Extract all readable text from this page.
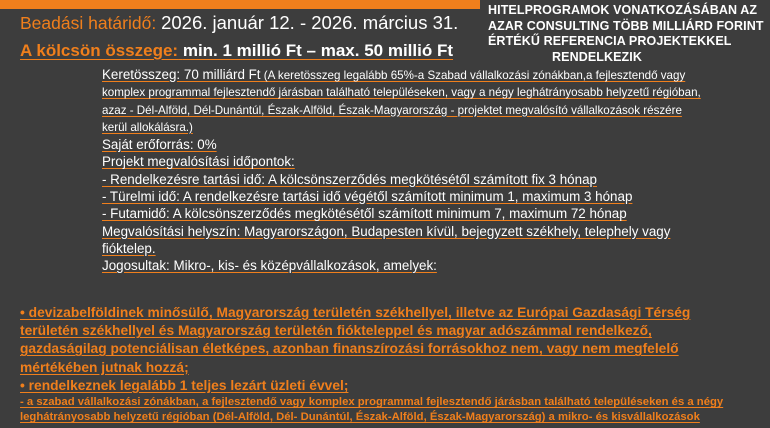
Beadási határidő: 2026. január 12. - 2026. március 31.
A kölcsön összege: min. 1 millió Ft – max. 50 millió Ft
HITELPROGRAMOK VONATKOZÁSÁBAN AZ
AZAR CONSULTING TÖBB MILLIÁRD FORINT
ÉRTÉKŰ REFERENCIA PROJEKTEKKEL
RENDELKEZIK
Keretösszeg: 70 milliárd Ft (A keretösszeg legalább 65%-a Szabad vállalkozási zónákban,a fejlesztendő vagy
komplex programmal fejlesztendő járásban található településeken, vagy a négy leghátrányosabb helyzetű régióban,
azaz - Dél-Alföld, Dél-Dunántúl, Észak-Alföld, Észak-Magyarország - projektet megvalósító vállalkozások részére
kerül allokálásra.)
Saját erőforrás: 0%
Projekt megvalósítási időpontok:
- Rendelkezésre tartási idő: A kölcsönszerződés megkötésétől számított fix 3 hónap
- Türelmi idő: A rendelkezésre tartási idő végétől számított minimum 1, maximum 3 hónap
- Futamidő: A kölcsönszerződés megkötésétől számított minimum 7, maximum 72 hónap
Megvalósítási helyszín: Magyarországon, Budapesten kívül, bejegyzett székhely, telephely vagy
fióktelep.
Jogosultak: Mikro-, kis- és középvállalkozások, amelyek:
• devizabelföldinek minősülő, Magyarország területén székhellyel, illetve az Európai Gazdasági Térség
területén székhellyel és Magyarország területén fiókteleppel és magyar adószámmal rendelkező,
gazdaságilag potenciálisan életképes, azonban finanszírozási forrásokhoz nem, vagy nem megfelelő
mértékében jutnak hozzá;
• rendelkeznek legalább 1 teljes lezárt üzleti évvel;
- a szabad vállalkozási zónákban, a fejlesztendő vagy komplex programmal fejlesztendő járásban található településeken és a négy
leghátrányosabb helyzetű régióban (Dél-Alföld, Dél- Dunántúl, Észak-Alföld, Észak-Magyarország) a mikro- és kisvállalkozások
